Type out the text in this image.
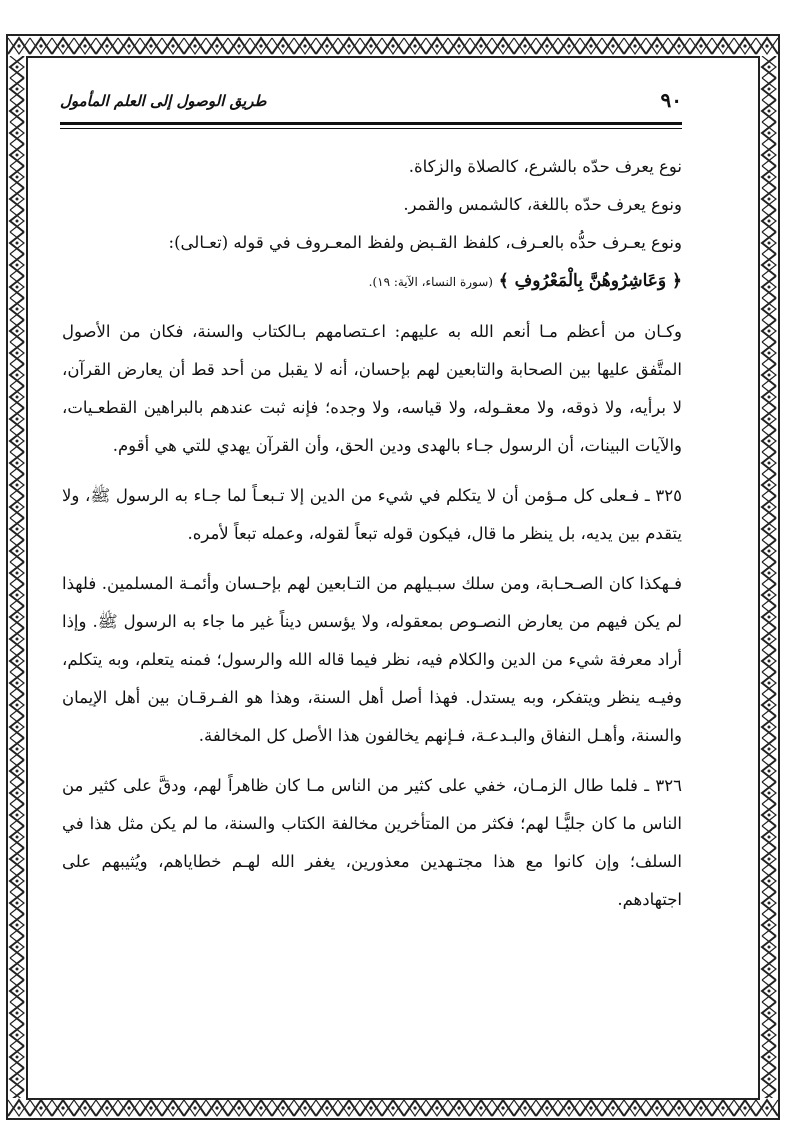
٩٠
طريق الوصول إلى العلم المأمول

نوع يعرف حدّه بالشرع، كالصلاة والزكاة.

ونوع يعرف حدّه باللغة، كالشمس والقمر.

ونوع يعـرف حدُّه بالعـرف، كلفظ القـبض ولفظ المعـروف في قوله (تعـالى):

﴿ وَعَاشِرُوهُنَّ بِالْمَعْرُوفِ ﴾ (سورة النساء، الآية: ١٩).

وكـان من أعظم مـا أنعم الله به عليهم: اعـتصامهم بـالكتاب والسنة، فكان من الأصول المتَّفق عليها بين الصحابة والتابعين لهم بإحسان، أنه لا يقبل من أحد قط أن يعارض القرآن، لا برأيه، ولا ذوقه، ولا معقـوله، ولا قياسه، ولا وجده؛ فإنه ثبت عندهم بالبراهين القطعـيات، والآيات البينات، أن الرسول جـاء بالهدى ودين الحق، وأن القرآن يهدي للتي هي أقوم.

٣٢٥ ـ فـعلى كل مـؤمن أن لا يتكلم في شيء من الدين إلا تـبعـاً لما جـاء به الرسول ﷺ، ولا يتقدم بين يديه، بل ينظر ما قال، فيكون قوله تبعاً لقوله، وعمله تبعاً لأمره.

فـهكذا كان الصـحـابة، ومن سلك سبـيلهم من التـابعين لهم بإحـسان وأئمـة المسلمين. فلهذا لم يكن فيهم من يعارض النصـوص بمعقوله، ولا يؤسس ديناً غير ما جاء به الرسول ﷺ. وإذا أراد معرفة شيء من الدين والكلام فيه، نظر فيما قاله الله والرسول؛ فمنه يتعلم، وبه يتكلم، وفيـه ينظر ويتفكر، وبه يستدل. فهذا أصل أهل السنة، وهذا هو الفـرقـان بين أهل الإيمان والسنة، وأهـل النفاق والبـدعـة، فـإنهم يخالفون هذا الأصل كل المخالفة.

٣٢٦ ـ فلما طال الزمـان، خفي على كثير من الناس مـا كان ظاهراً لهم، ودقَّ على كثير من الناس ما كان جليًّـا لهم؛ فكثر من المتأخرين مخالفة الكتاب والسنة، ما لم يكن مثل هذا في السلف؛ وإن كانوا مع هذا مجتـهدين معذورين، يغفر الله لهـم خطاياهم، ويُثيبهم على اجتهادهم.
